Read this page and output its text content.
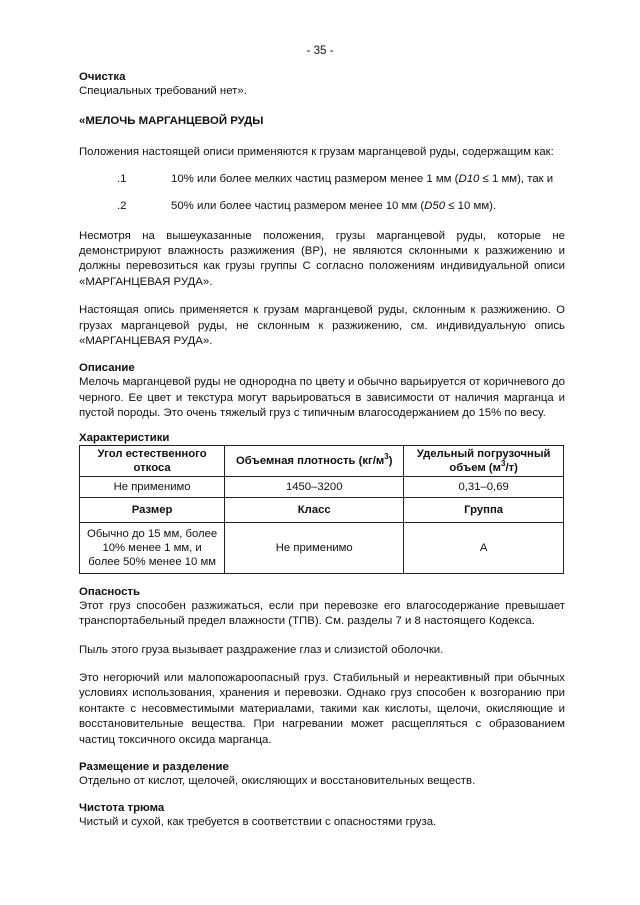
- 35 -
Очистка
Специальных требований нет».
«МЕЛОЧЬ МАРГАНЦЕВОЙ РУДЫ
Положения настоящей описи применяются к грузам марганцевой руды, содержащим как:
.1	10% или более мелких частиц размером менее 1 мм (D10 ≤ 1 мм), так и
.2	50% или более частиц размером менее 10 мм (D50 ≤ 10 мм).
Несмотря на вышеуказанные положения, грузы марганцевой руды, которые не демонстрируют влажность разжижения (ВР), не являются склонными к разжижению и должны перевозиться как грузы группы С согласно положениям индивидуальной описи «МАРГАНЦЕВАЯ РУДА».
Настоящая опись применяется к грузам марганцевой руды, склонным к разжижению. О грузах марганцевой руды, не склонным к разжижению, см. индивидуальную опись «МАРГАНЦЕВАЯ РУДА».
Описание
Мелочь марганцевой руды не однородна по цвету и обычно варьируется от коричневого до черного. Ее цвет и текстура могут варьироваться в зависимости от наличия марганца и пустой породы. Это очень тяжелый груз с типичным влагосодержанием до 15% по весу.
Характеристики
Угол естественного откоса	Объемная плотность $(кг/м^3)$	Удельный погрузочный объем $(м^3/т)$
Не применимо	1450–3200	0,31–0,69
Размер	Класс	Группа
Обычно до 15 мм, более 10% менее 1 мм, и более 50% менее 10 мм	Не применимо	А
Опасность
Этот груз способен разжижаться, если при перевозке его влагосодержание превышает транспортабельный предел влажности (ТПВ). См. разделы 7 и 8 настоящего Кодекса.
Пыль этого груза вызывает раздражение глаз и слизистой оболочки.
Это негорючий или малопожароопасный груз. Стабильный и нереактивный при обычных условиях использования, хранения и перевозки. Однако груз способен к возгоранию при контакте с несовместимыми материалами, такими как кислоты, щелочи, окисляющие и восстановительные вещества. При нагревании может расщепляться с образованием частиц токсичного оксида марганца.
Размещение и разделение
Отдельно от кислот, щелочей, окисляющих и восстановительных веществ.
Чистота трюма
Чистый и сухой, как требуется в соответствии с опасностями груза.
